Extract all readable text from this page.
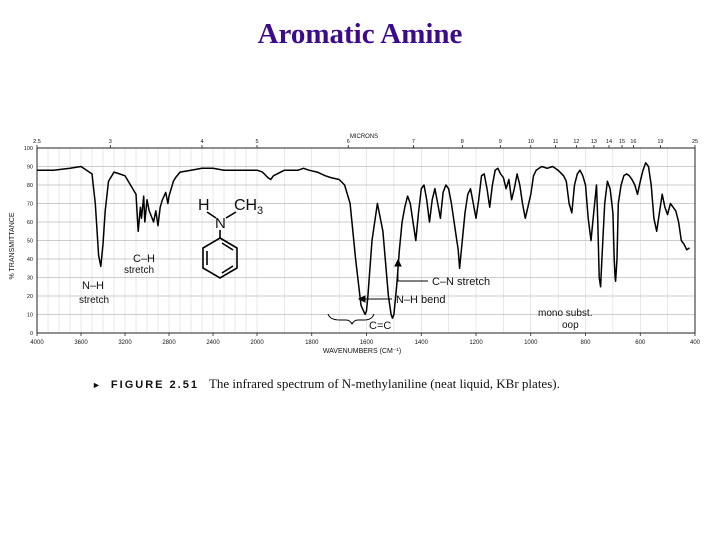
Aromatic Amine
0
10
20
30
40
50
60
70
80
90
100
4000	3600	3200	2800	2400	2000	1800	1600	1400	1200	1000	800	600	400
2.5	3	4	5	6	7	8	9	10	11	12 13 14 15 16	19	25
% TRANSMITTANCE
WAVENUMBERS (CM⁻¹)
MICRONS
N–H
stretch
C–H
stretch
C–N stretch
N–H bend
C=C
mono subst.
oop
H CH 3
N
► FIGURE 2.51 The infrared spectrum of N-methylaniline (neat liquid, KBr plates).
